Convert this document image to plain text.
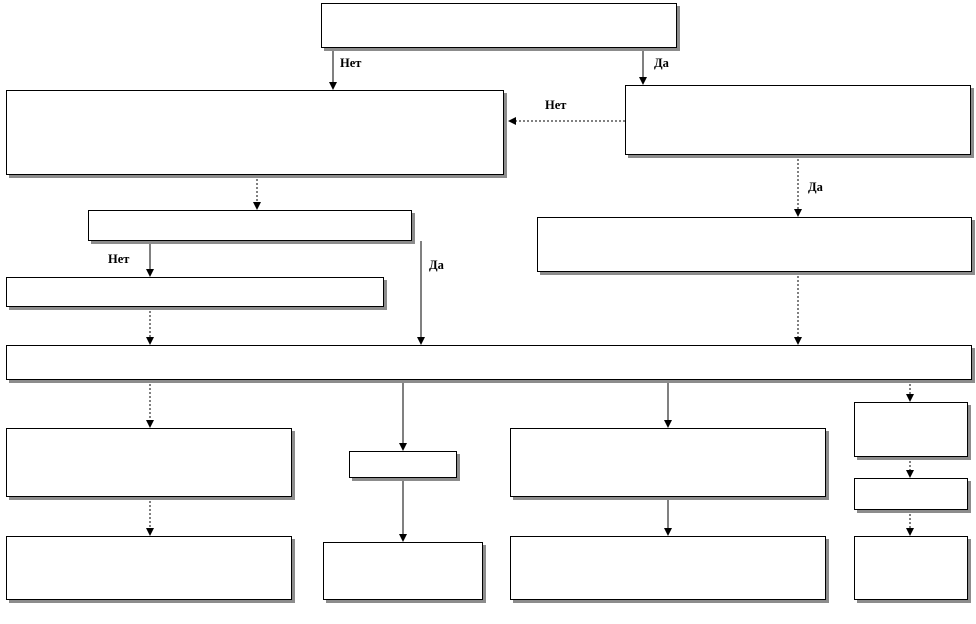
Нет	Да
Нет
Да
Нет	Да
